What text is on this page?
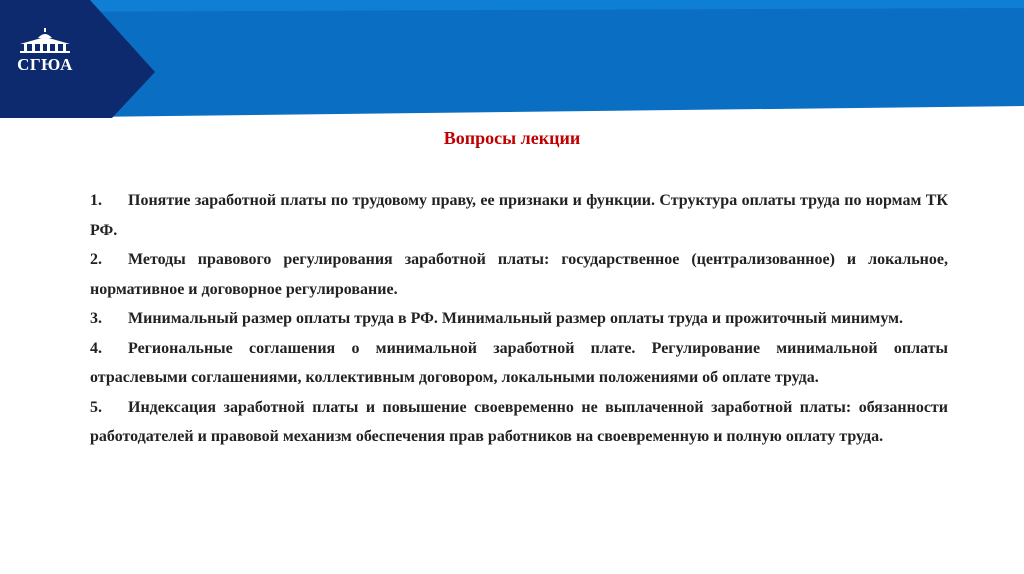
СГЮА
Вопросы лекции

1. Понятие заработной платы по трудовому праву, ее признаки и функции. Структура оплаты труда по нормам ТК РФ.

2. Методы правового регулирования заработной платы: государственное (централизованное) и локальное, нормативное и договорное регулирование.

3. Минимальный размер оплаты труда в РФ. Минимальный размер оплаты труда и прожиточный минимум.

4. Региональные соглашения о минимальной заработной плате. Регулирование минимальной оплаты отраслевыми соглашениями, коллективным договором, локальными положениями об оплате труда.

5. Индексация заработной платы и повышение своевременно не выплаченной заработной платы: обязанности работодателей и правовой механизм обеспечения прав работников на своевременную и полную оплату труда.
